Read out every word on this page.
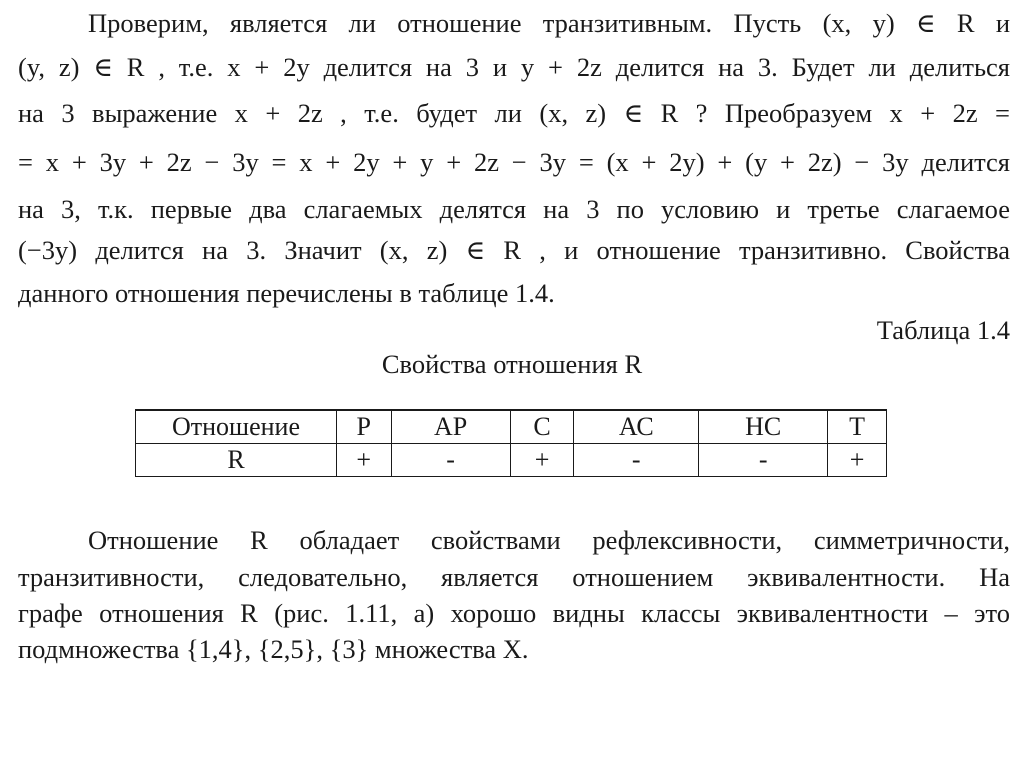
Проверим, является ли отношение транзитивным. Пусть (x, y) ∈ R и
(y, z) ∈ R , т.е. x + 2y делится на 3 и y + 2z делится на 3. Будет ли делиться
на 3 выражение x + 2z , т.е. будет ли (x, z) ∈ R ? Преобразуем x + 2z =
= x + 3y + 2z − 3y = x + 2y + y + 2z − 3y = (x + 2y) + (y + 2z) − 3y делится
на 3, т.к. первые два слагаемых делятся на 3 по условию и третье слагаемое
(−3y) делится на 3. Значит (x, z) ∈ R , и отношение транзитивно. Свойства
данного отношения перечислены в таблице 1.4.
Таблица 1.4
Свойства отношения R
Отношение	Р	АР	С	АС	НС	Т
R	+	-	+	-	-	+
Отношение R обладает свойствами рефлексивности, симметричности,
транзитивности, следовательно, является отношением эквивалентности. На
графе отношения R (рис. 1.11, а) хорошо видны классы эквивалентности – это
подмножества {1,4}, {2,5}, {3} множества X.
